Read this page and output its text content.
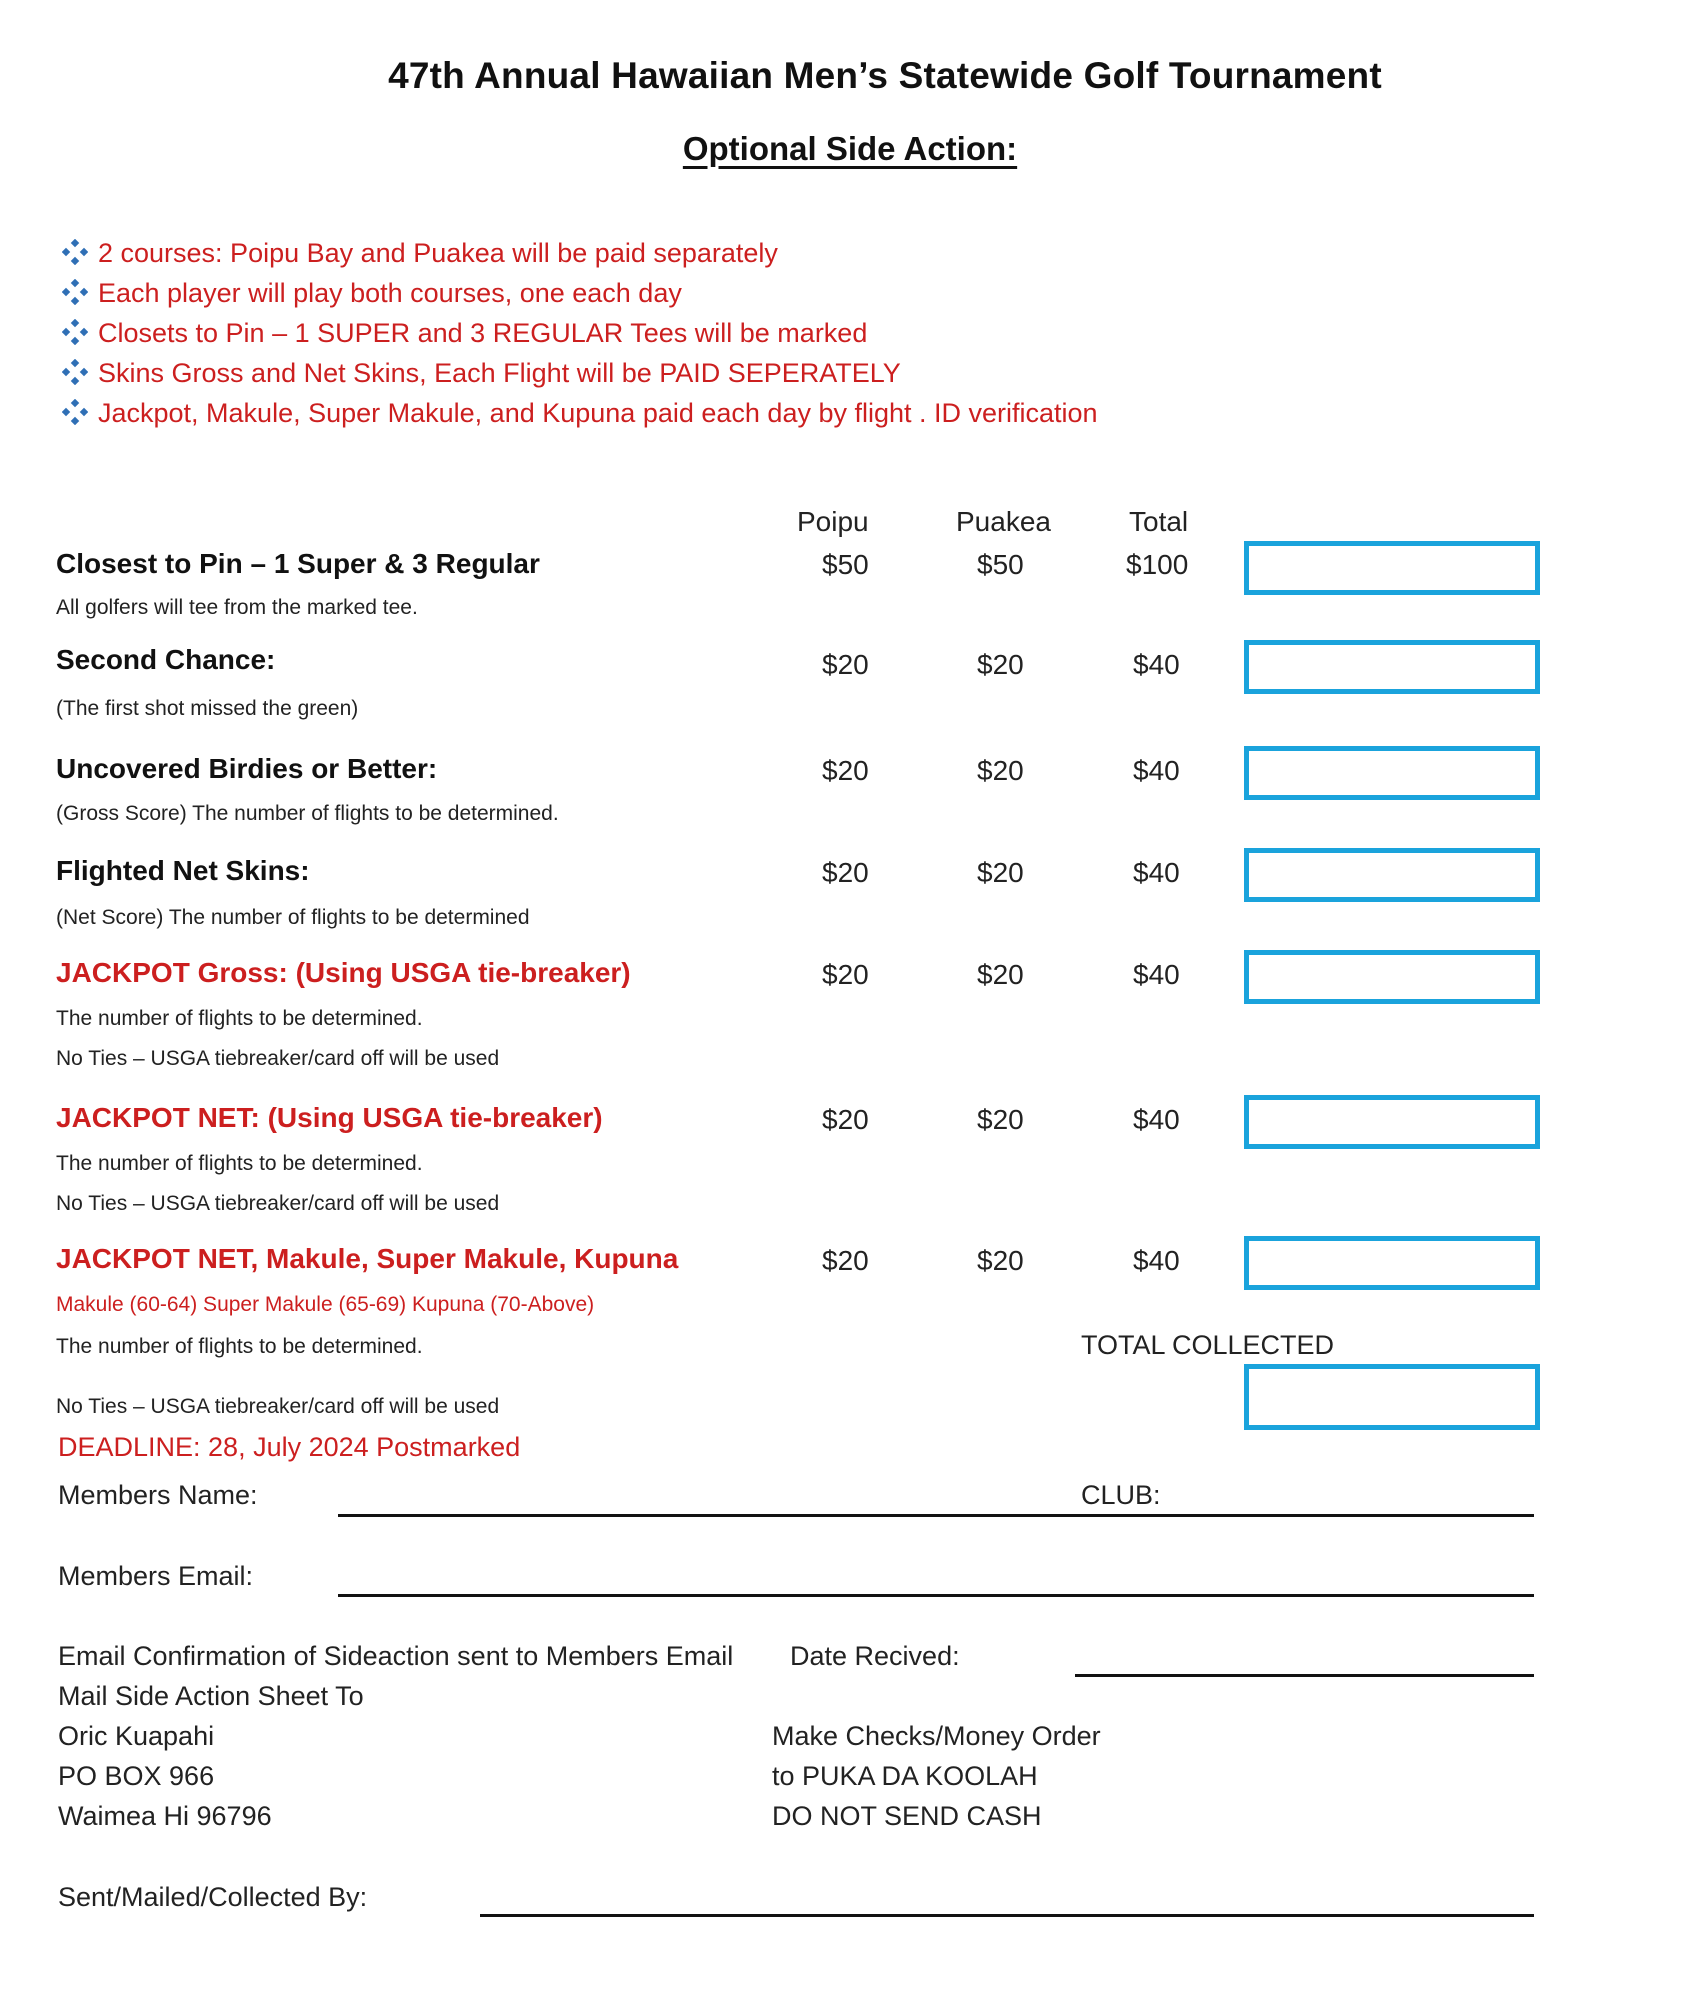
47th Annual Hawaiian Men’s Statewide Golf Tournament
Optional Side Action:
2 courses: Poipu Bay and Puakea will be paid separately
Each player will play both courses, one each day
Closets to Pin – 1 SUPER and 3 REGULAR Tees will be marked
Skins Gross and Net Skins, Each Flight will be PAID SEPERATELY
Jackpot, Makule, Super Makule, and Kupuna paid each day by flight . ID verification
Poipu	Puakea	Total
Closest to Pin – 1 Super & 3 Regular
All golfers will tee from the marked tee.
$50	$50	$100
Second Chance:
(The first shot missed the green)
$20	$20	$40
Uncovered Birdies or Better:
(Gross Score) The number of flights to be determined.
$20	$20	$40
Flighted Net Skins:
(Net Score) The number of flights to be determined
$20	$20	$40
JACKPOT Gross: (Using USGA tie-breaker)
The number of flights to be determined.
No Ties – USGA tiebreaker/card off will be used
$20	$20	$40
JACKPOT NET: (Using USGA tie-breaker)
The number of flights to be determined.
No Ties – USGA tiebreaker/card off will be used
$20	$20	$40
JACKPOT NET, Makule, Super Makule, Kupuna
Makule (60-64) Super Makule (65-69) Kupuna (70-Above)
The number of flights to be determined.
No Ties – USGA tiebreaker/card off will be used
$20	$20	$40
TOTAL COLLECTED
DEADLINE: 28, July 2024 Postmarked
Members Name:	CLUB:
Members Email:
Email Confirmation of Sideaction sent to Members Email Date Recived:
Mail Side Action Sheet To
Oric Kuapahi
PO BOX 966
Waimea Hi 96796
Make Checks/Money Order
to PUKA DA KOOLAH
DO NOT SEND CASH
Sent/Mailed/Collected By:
